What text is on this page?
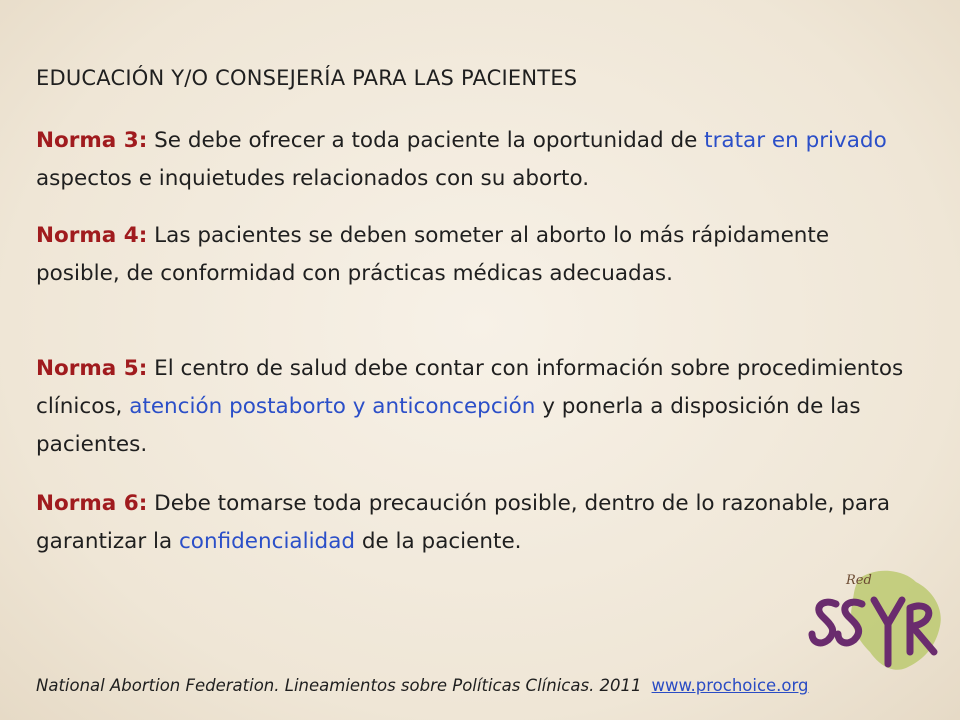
EDUCACIÓN Y/O CONSEJERÍA PARA LAS PACIENTES
Norma 3: Se debe ofrecer a toda paciente la oportunidad de tratar en privado aspectos e inquietudes relacionados con su aborto.
Norma 4: Las pacientes se deben someter al aborto lo más rápidamente posible, de conformidad con prácticas médicas adecuadas.
Norma 5: El centro de salud debe contar con información sobre procedimientos clínicos, atención postaborto y anticoncepción y ponerla a disposición de las pacientes.
Norma 6: Debe tomarse toda precaución posible, dentro de lo razonable, para garantizar la confidencialidad de la paciente.
Red
National Abortion Federation. Lineamientos sobre Políticas Clínicas. 2011 www.prochoice.org
